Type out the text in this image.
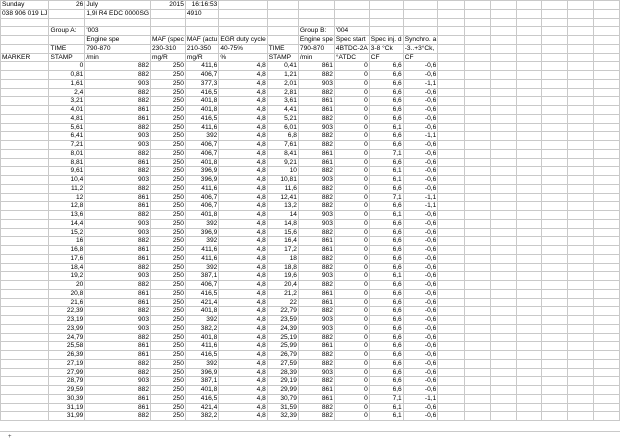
Sunday	26	July	2015	16:16:53													
038 906 019 LJ		1,9l R4 EDC 0000SG		4910													

	Group A:	'003					Group B:	'004									
		Engine spe	MAF (spec	MAF (actu	EGR duty cycle		Engine spe	Spec start	Spec inj. d	Synchro. a							
	TIME	790-870	230-310	210-350	40-75%	TIME	790-870	4BTDC-2A	3-8 °Ck	-3..+3°Ck,							
MARKER	STAMP	/min	mg/R	mg/R	%	STAMP	/min	°ATDC	CF	CF							
	0	882	250	411,6	4,8	0,41	861	0	6,6	-0,6							
	0,81	882	250	406,7	4,8	1,21	882	0	6,6	-0,6							
	1,61	903	250	377,3	4,8	2,01	903	0	6,6	-1,1							
	2,4	882	250	416,5	4,8	2,81	882	0	6,6	-0,6							
	3,21	882	250	401,8	4,8	3,61	861	0	6,6	-0,6							
	4,01	861	250	401,8	4,8	4,41	861	0	6,6	-0,6							
	4,81	861	250	416,5	4,8	5,21	882	0	6,6	-0,6							
	5,61	882	250	411,6	4,8	6,01	903	0	6,1	-0,6							
	6,41	903	250	392	4,8	6,8	882	0	6,6	-1,1							
	7,21	903	250	406,7	4,8	7,61	882	0	6,6	-0,6							
	8,01	882	250	406,7	4,8	8,41	861	0	7,1	-0,6							
	8,81	861	250	401,8	4,8	9,21	861	0	6,6	-0,6							
	9,61	882	250	396,9	4,8	10	882	0	6,1	-0,6							
	10,4	903	250	396,9	4,8	10,81	903	0	6,1	-0,6							
	11,2	882	250	411,6	4,8	11,6	882	0	6,6	-0,6							
	12	861	250	406,7	4,8	12,41	882	0	7,1	-1,1							
	12,8	861	250	406,7	4,8	13,2	882	0	6,6	-1,1							
	13,6	882	250	401,8	4,8	14	903	0	6,1	-0,6							
	14,4	903	250	392	4,8	14,8	903	0	6,6	-0,6							
	15,2	903	250	396,9	4,8	15,6	882	0	6,6	-0,6							
	16	882	250	392	4,8	16,4	861	0	6,6	-0,6							
	16,8	861	250	411,6	4,8	17,2	861	0	6,6	-0,6							
	17,6	861	250	411,6	4,8	18	882	0	6,6	-0,6							
	18,4	882	250	392	4,8	18,8	882	0	6,6	-0,6							
	19,2	903	250	387,1	4,8	19,6	903	0	6,1	-0,6							
	20	882	250	406,7	4,8	20,4	882	0	6,6	-0,6							
	20,8	861	250	416,5	4,8	21,2	861	0	6,6	-0,6							
	21,6	861	250	421,4	4,8	22	861	0	6,6	-0,6							
	22,39	882	250	401,8	4,8	22,79	882	0	6,6	-0,6							
	23,19	903	250	392	4,8	23,59	903	0	6,6	-0,6							
	23,99	903	250	382,2	4,8	24,39	903	0	6,6	-0,6							
	24,79	882	250	401,8	4,8	25,19	882	0	6,6	-0,6							
	25,58	861	250	411,6	4,8	25,99	861	0	6,6	-0,6							
	26,39	861	250	416,5	4,8	26,79	882	0	6,6	-0,6							
	27,19	882	250	392	4,8	27,59	882	0	6,6	-0,6							
	27,99	882	250	396,9	4,8	28,39	903	0	6,6	-0,6							
	28,79	903	250	387,1	4,8	29,19	882	0	6,6	-0,6							
	29,59	882	250	401,8	4,8	29,99	861	0	6,6	-0,6							
	30,39	861	250	416,5	4,8	30,79	861	0	7,1	-1,1							
	31,19	861	250	421,4	4,8	31,59	882	0	6,1	-0,6							
	31,99	882	250	382,2	4,8	32,39	882	0	6,1	-0,6							
+
